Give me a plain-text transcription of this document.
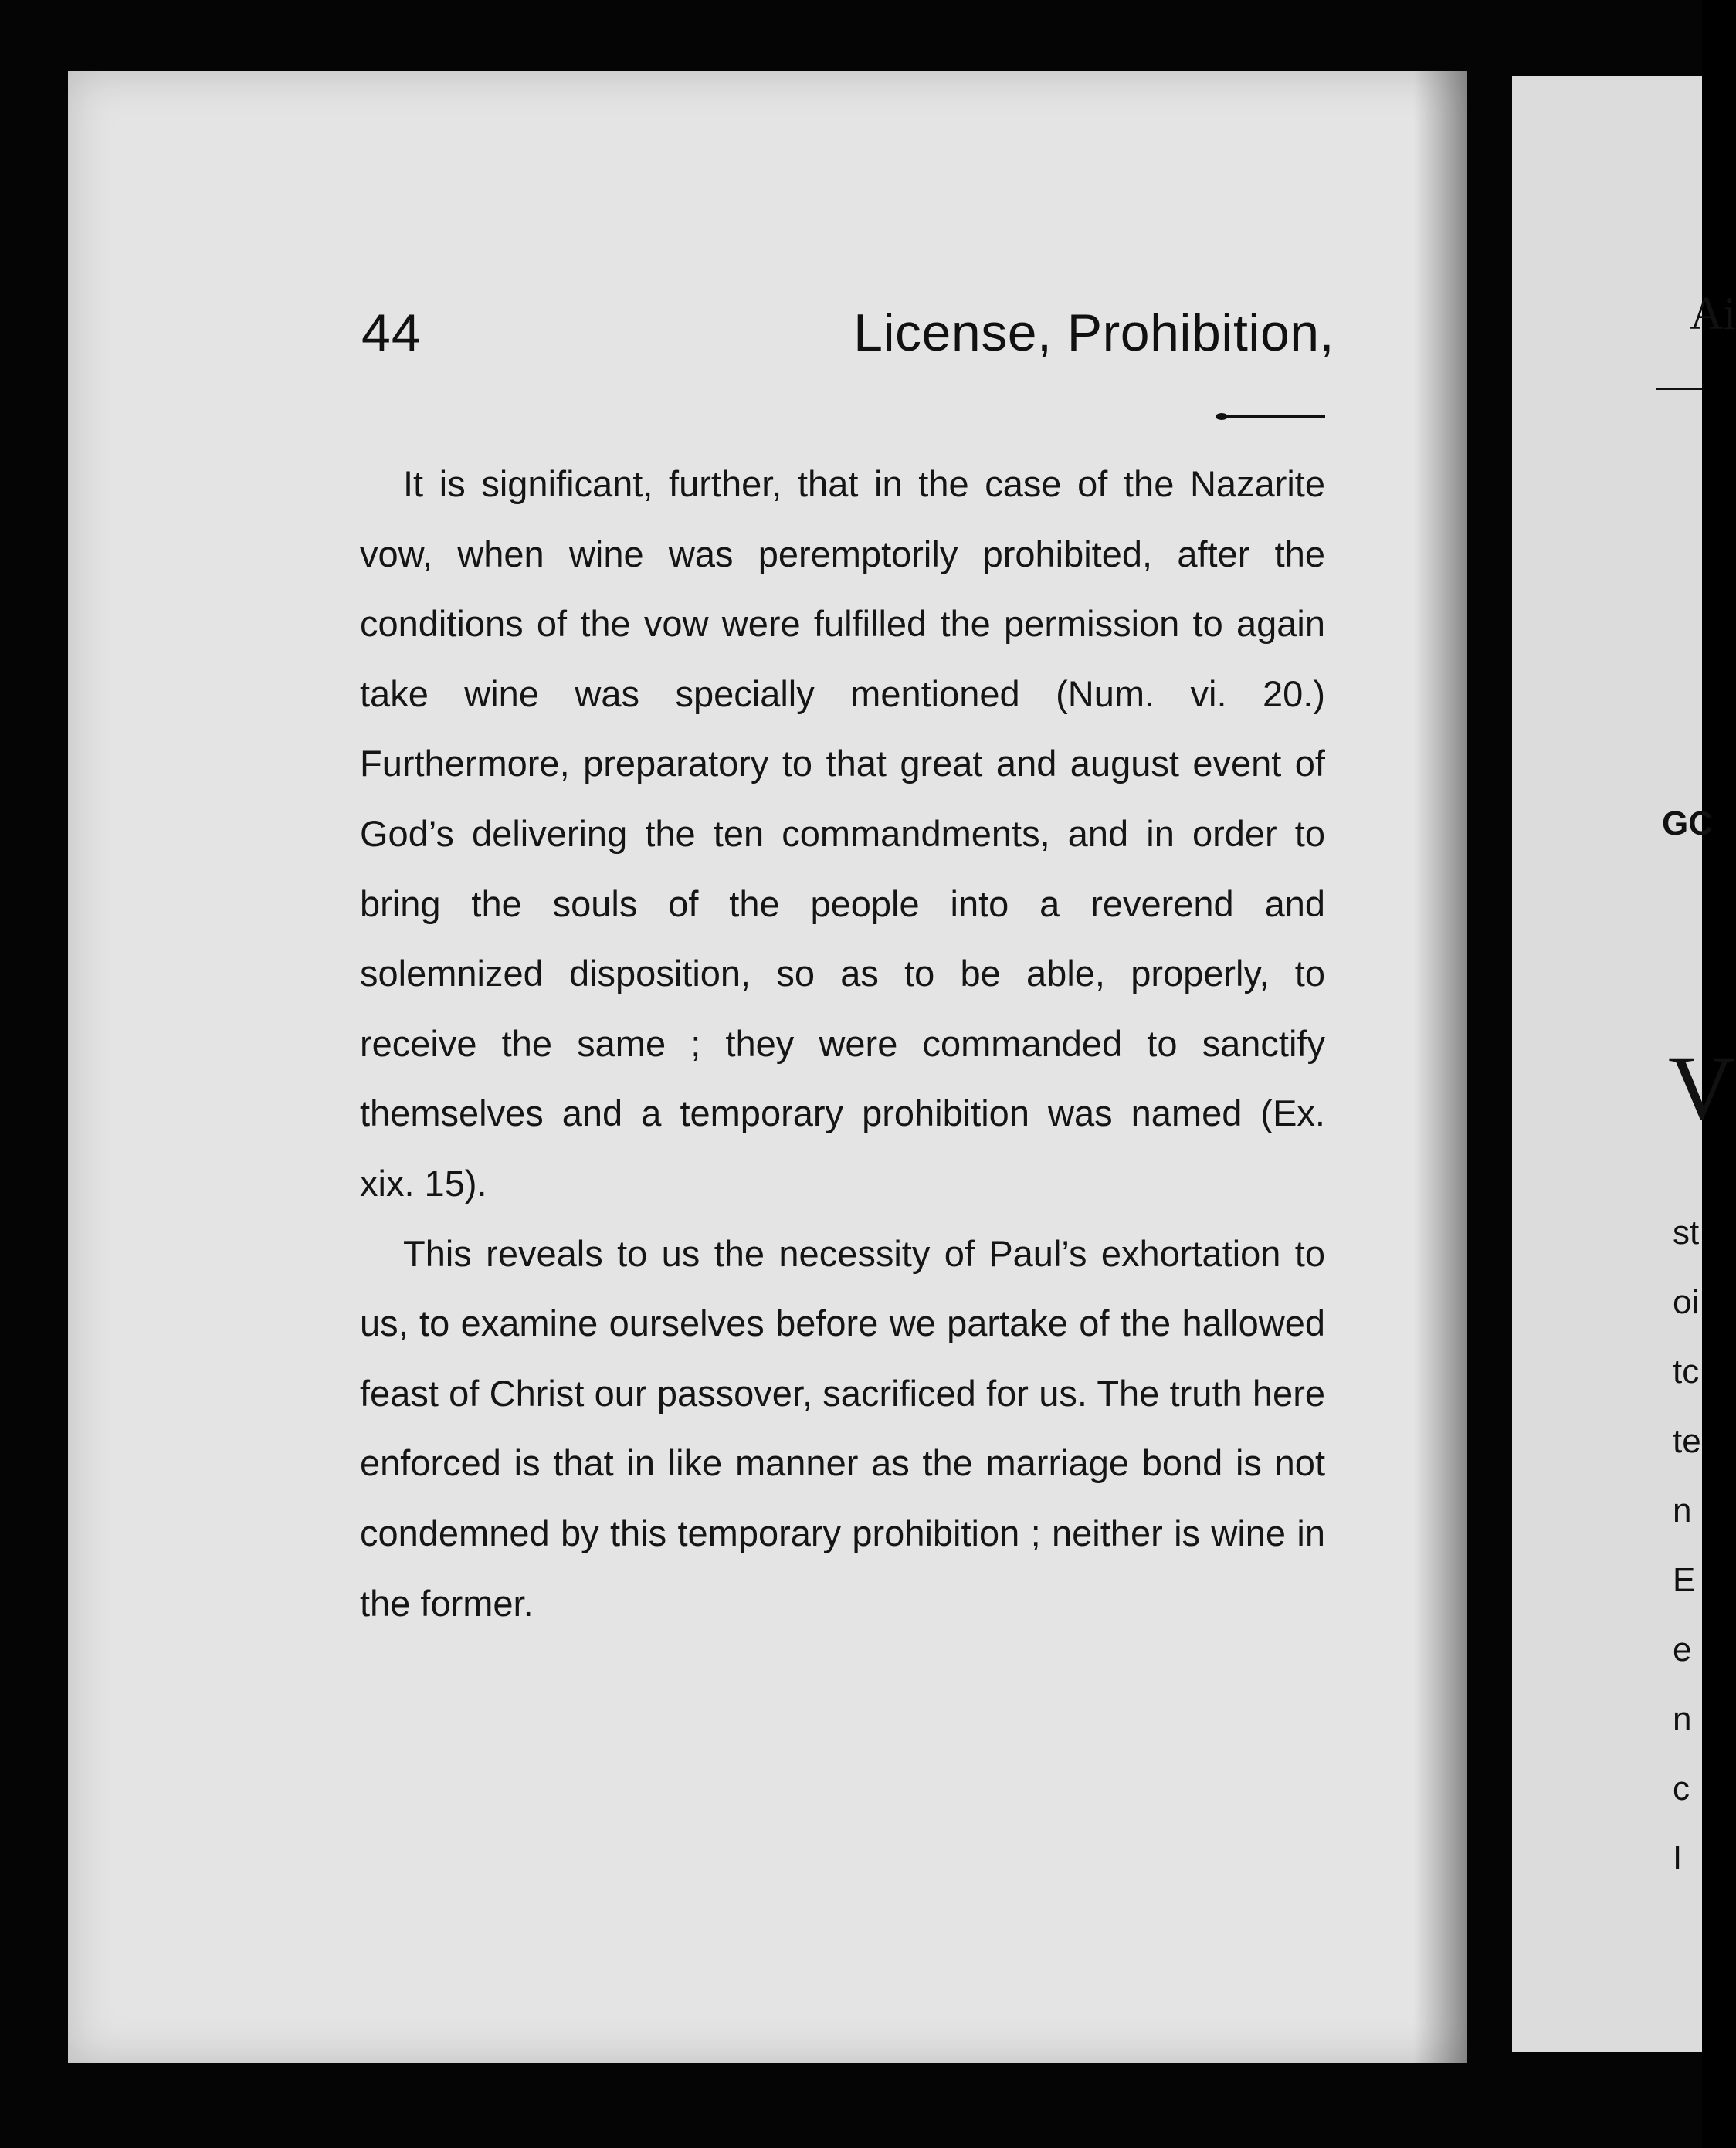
44	License, Prohibition,

It is significant, further, that in the case of the Nazarite vow, when wine was peremptorily prohibited, after the conditions of the vow were fulfilled the permission to again take wine was specially mentioned (Num. vi. 20.) Furthermore, preparatory to that great and august event of God’s delivering the ten commandments, and in order to bring the souls of the people into a reverend and solemnized disposition, so as to be able, properly, to receive the same ; they were commanded to sanctify themselves and a temporary prohibition was named (Ex. xix. 15).

This reveals to us the necessity of Paul’s exhortation to us, to examine ourselves before we partake of the hallowed feast of Christ our passover, sacrificed for us. The truth here enforced is that in like manner as the marriage bond is not condemned by this temporary prohibition ; neither is wine in the former.

Ai
GC
V
st
oi
tc
te
n
E
e
n
c
I
